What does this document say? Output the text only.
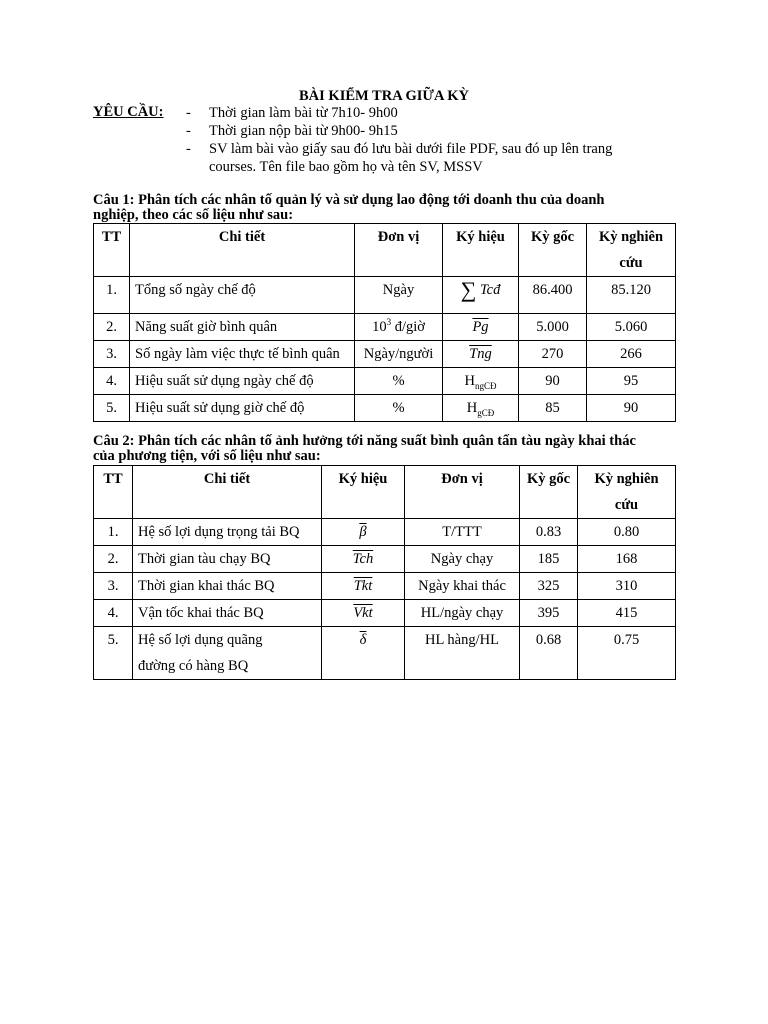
BÀI KIỂM TRA GIỮA KỲ
YÊU CẦU: - Thời gian làm bài từ 7h10- 9h00
- Thời gian nộp bài từ 9h00- 9h15
- SV làm bài vào giấy sau đó lưu bài dưới file PDF, sau đó up lên trang
courses. Tên file bao gồm họ và tên SV, MSSV
Câu 1: Phân tích các nhân tố quản lý và sử dụng lao động tới doanh thu của doanh
nghiệp, theo các số liệu như sau:
TT	Chi tiết	Đơn vị	Ký hiệu	Kỳ gốc	Kỳ nghiên
cứu
1.	Tổng số ngày chế độ	Ngày	∑ Tcđ	86.400	85.120
2.	Năng suất giờ bình quân	$10^3$ đ/giờ	$\overline{Pg}$	5.000	5.060
3.	Số ngày làm việc thực tế bình quân	Ngày/người	$\overline{Tng}$	270	266
4.	Hiệu suất sử dụng ngày chế độ	%	$H_{ngCĐ}$	90	95
5.	Hiệu suất sử dụng giờ chế độ	%	$H_{gCĐ}$	85	90
Câu 2: Phân tích các nhân tố ảnh hưởng tới năng suất bình quân tấn tàu ngày khai thác
của phương tiện, với số liệu như sau:
TT	Chi tiết	Ký hiệu	Đơn vị	Kỳ gốc	Kỳ nghiên
cứu
1.	Hệ số lợi dụng trọng tải BQ	$\overline{\beta}$	T/TTT	0.83	0.80
2.	Thời gian tàu chạy BQ	$\overline{Tch}$	Ngày chạy	185	168
3.	Thời gian khai thác BQ	$\overline{Tkt}$	Ngày khai thác	325	310
4.	Vận tốc khai thác BQ	$\overline{Vkt}$	HL/ngày chạy	395	415
5.	Hệ số lợi dụng quãng
đường có hàng BQ	$\overline{\delta}$	HL hàng/HL	0.68	0.75
